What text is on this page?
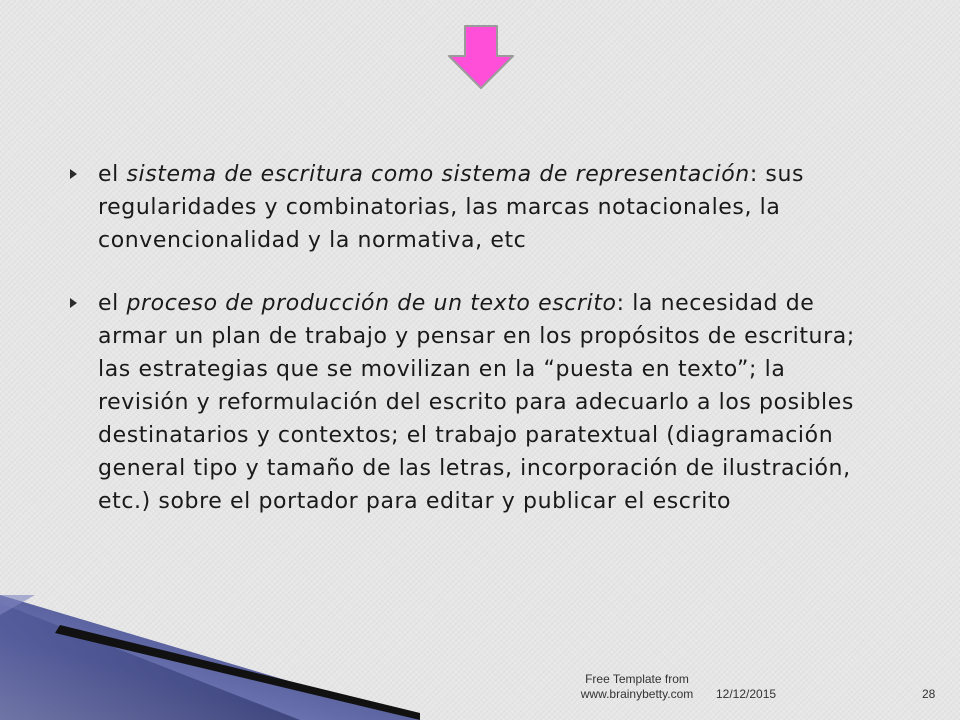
el sistema de escritura como sistema de representación: sus regularidades y combinatorias, las marcas notacionales, la convencionalidad y la normativa, etc
el proceso de producción de un texto escrito: la necesidad de armar un plan de trabajo y pensar en los propósitos de escritura; las estrategias que se movilizan en la “puesta en texto”; la revisión y reformulación del escrito para adecuarlo a los posibles destinatarios y contextos; el trabajo paratextual (diagramación general tipo y tamaño de las letras, incorporación de ilustración, etc.) sobre el portador para editar y publicar el escrito
Free Template from
www.brainybetty.com	12/12/2015	28
